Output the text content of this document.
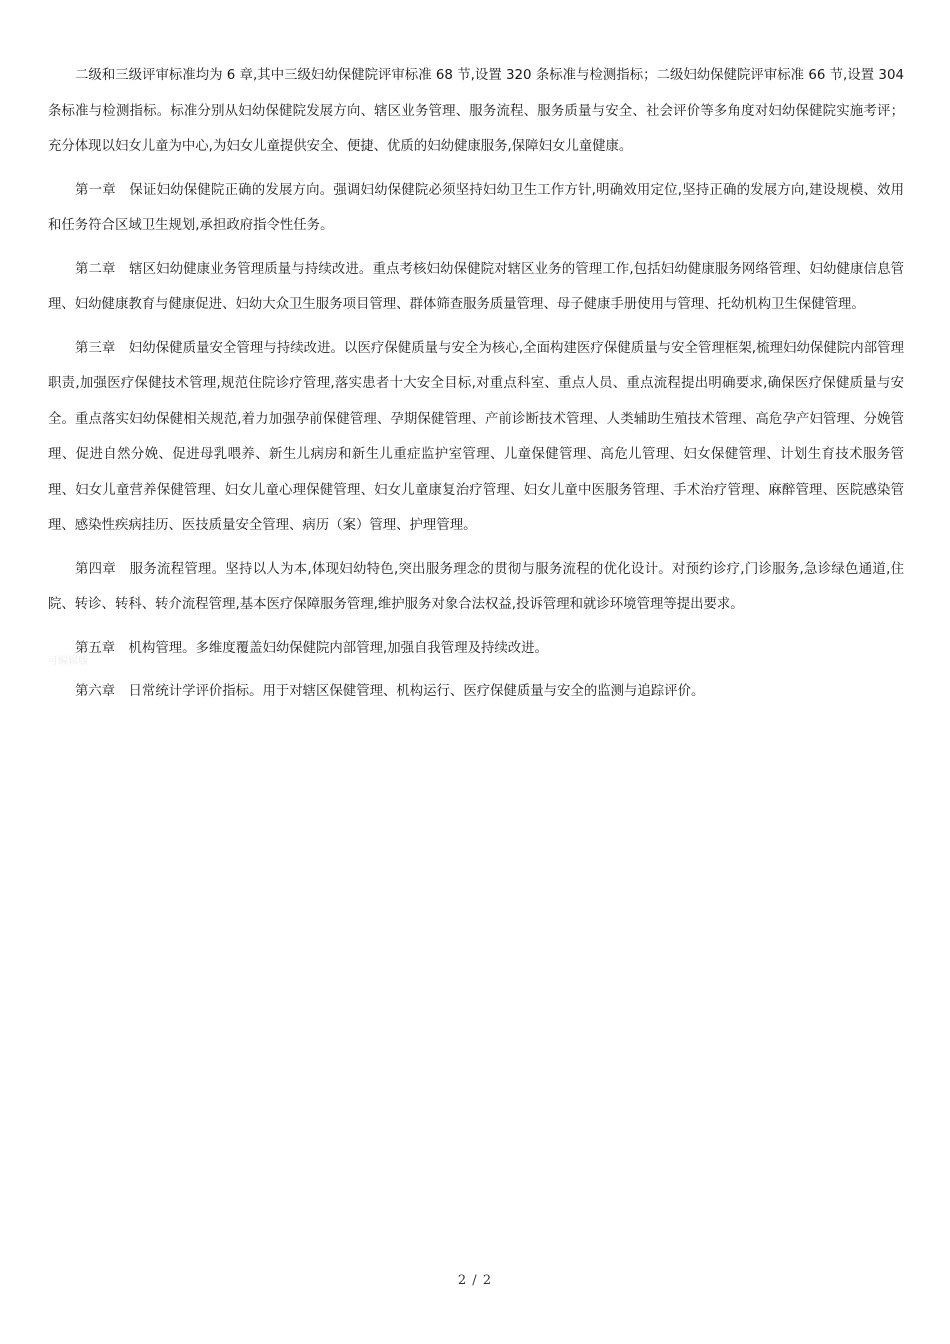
二级和三级评审标准均为 6 章,其中三级妇幼保健院评审标准 68 节,设置 320 条标准与检测指标；二级妇幼保健院评审标准 66 节,设置 304 条标准与检测指标。标准分别从妇幼保健院发展方向、辖区业务管理、服务流程、服务质量与安全、社会评价等多角度对妇幼保健院实施考评；充分体现以妇女儿童为中心,为妇女儿童提供安全、便捷、优质的妇幼健康服务,保障妇女儿童健康。

第一章　保证妇幼保健院正确的发展方向。强调妇幼保健院必须坚持妇幼卫生工作方针,明确效用定位,坚持正确的发展方向,建设规模、效用和任务符合区域卫生规划,承担政府指令性任务。

第二章　辖区妇幼健康业务管理质量与持续改进。重点考核妇幼保健院对辖区业务的管理工作,包括妇幼健康服务网络管理、妇幼健康信息管理、妇幼健康教育与健康促进、妇幼大众卫生服务项目管理、群体筛查服务质量管理、母子健康手册使用与管理、托幼机构卫生保健管理。

第三章　妇幼保健质量安全管理与持续改进。以医疗保健质量与安全为核心,全面构建医疗保健质量与安全管理框架,梳理妇幼保健院内部管理职责,加强医疗保健技术管理,规范住院诊疗管理,落实患者十大安全目标,对重点科室、重点人员、重点流程提出明确要求,确保医疗保健质量与安全。重点落实妇幼保健相关规范,着力加强孕前保健管理、孕期保健管理、产前诊断技术管理、人类辅助生殖技术管理、高危孕产妇管理、分娩管理、促进自然分娩、促进母乳喂养、新生儿病房和新生儿重症监护室管理、儿童保健管理、高危儿管理、妇女保健管理、计划生育技术服务管理、妇女儿童营养保健管理、妇女儿童心理保健管理、妇女儿童康复治疗管理、妇女儿童中医服务管理、手术治疗管理、麻醉管理、医院感染管理、感染性疾病挂历、医技质量安全管理、病历（案）管理、护理管理。

第四章　服务流程管理。坚持以人为本,体现妇幼特色,突出服务理念的贯彻与服务流程的优化设计。对预约诊疗,门诊服务,急诊绿色通道,住院、转诊、转科、转介流程管理,基本医疗保障服务管理,维护服务对象合法权益,投诉管理和就诊环境管理等提出要求。

第五章　机构管理。多维度覆盖妇幼保健院内部管理,加强自我管理及持续改进。

第六章　日常统计学评价指标。用于对辖区保健管理、机构运行、医疗保健质量与安全的监测与追踪评价。

可编辑版
2 / 2
